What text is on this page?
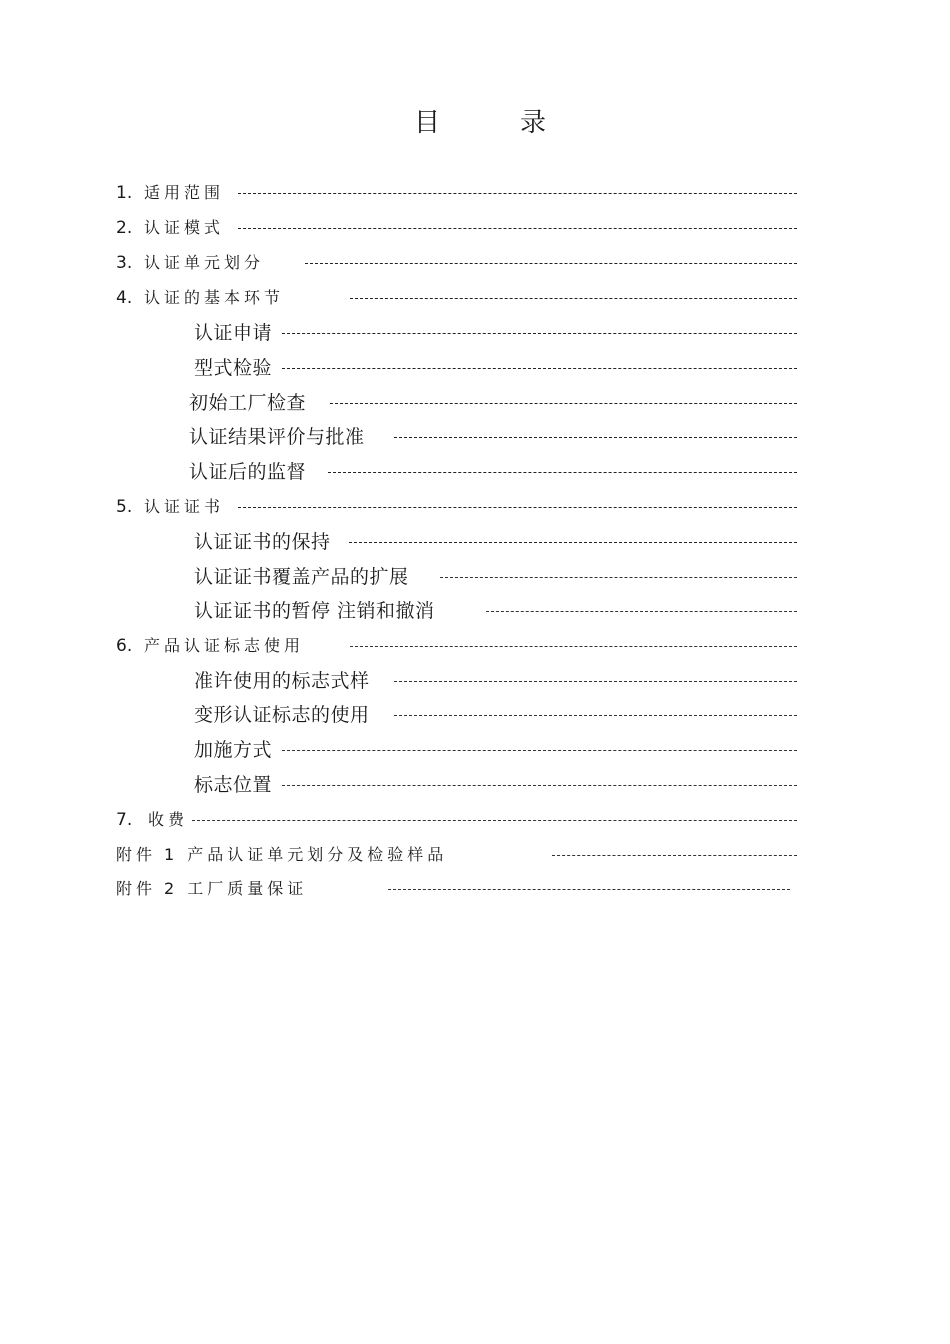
目	录
1. 适用范围
2. 认证模式
3. 认证单元划分
4. 认证的基本环节
认证申请
型式检验
初始工厂检查
认证结果评价与批准
认证后的监督
5. 认证证书
认证证书的保持
认证证书覆盖产品的扩展
认证证书的暂停 注销和撤消
6. 产品认证标志使用
准许使用的标志式样
变形认证标志的使用
加施方式
标志位置
7. 收费
附件 1 产品认证单元划分及检验样品
附件 2 工厂质量保证
